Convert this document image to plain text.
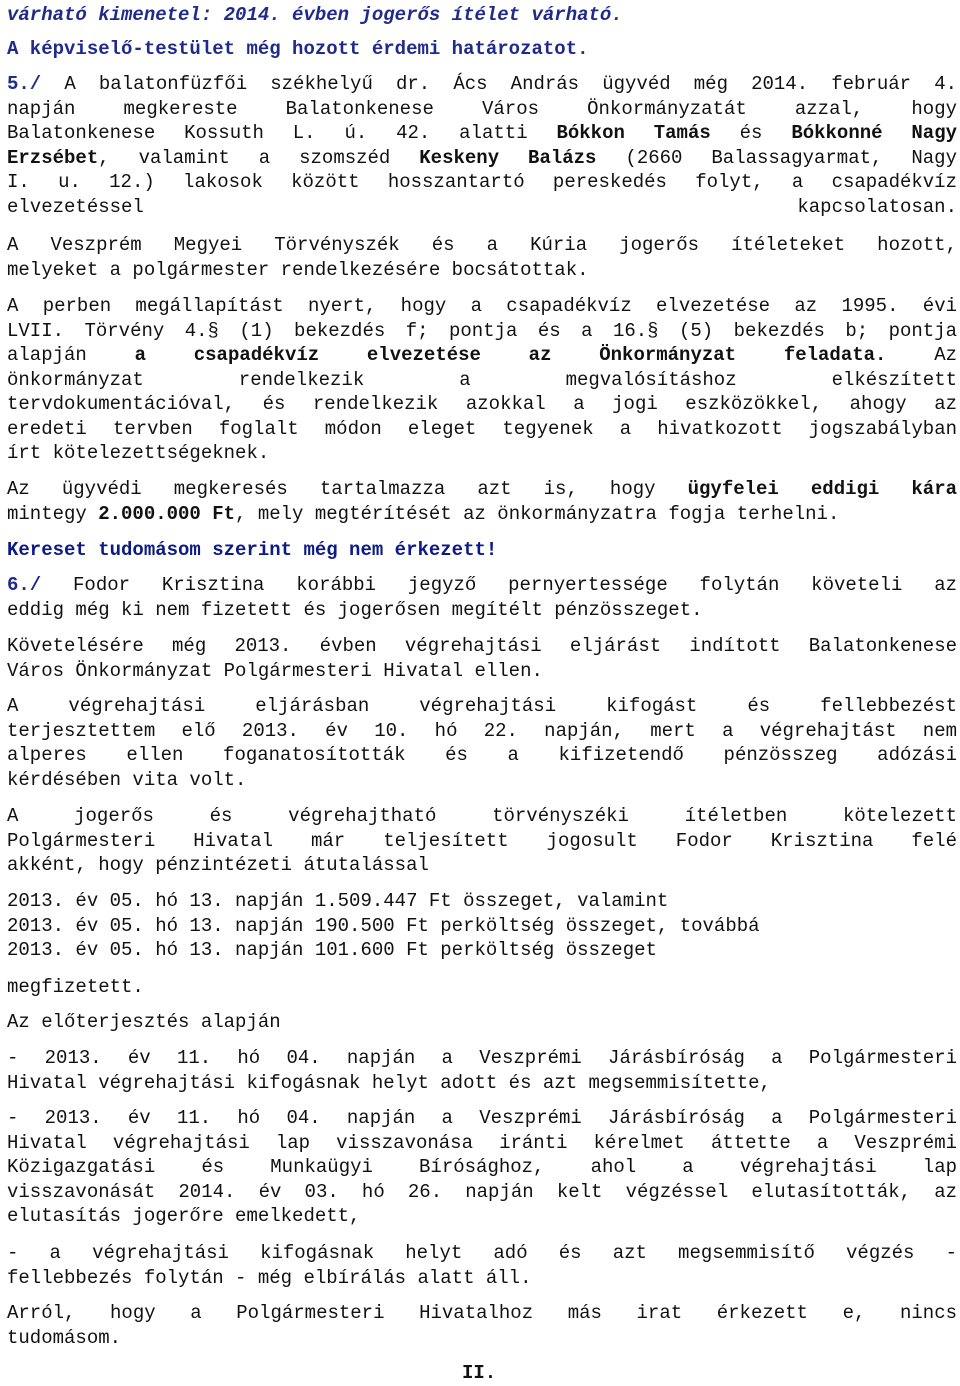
várható kimenetel: 2014. évben jogerős ítélet várható.

A képviselő-testület még hozott érdemi határozatot.

5./ A balatonfüzfői székhelyű dr. Ács András ügyvéd még 2014. február 4.
napján megkereste Balatonkenese Város Önkormányzatát azzal, hogy
Balatonkenese Kossuth L. ú. 42. alatti Bókkon Tamás és Bókkonné Nagy
Erzsébet, valamint a szomszéd Keskeny Balázs (2660 Balassagyarmat, Nagy
I. u. 12.) lakosok között hosszantartó pereskedés folyt, a csapadékvíz
elvezetéssel kapcsolatosan.
A Veszprém Megyei Törvényszék és a Kúria jogerős ítéleteket hozott,
melyeket a polgármester rendelkezésére bocsátottak.
A perben megállapítást nyert, hogy a csapadékvíz elvezetése az 1995. évi
LVII. Törvény 4.§ (1) bekezdés f; pontja és a 16.§ (5) bekezdés b; pontja
alapján a csapadékvíz elvezetése az Önkormányzat feladata. Az
önkormányzat rendelkezik a megvalósításhoz elkészített
tervdokumentációval, és rendelkezik azokkal a jogi eszközökkel, ahogy az
eredeti tervben foglalt módon eleget tegyenek a hivatkozott jogszabályban
írt kötelezettségeknek.
Az ügyvédi megkeresés tartalmazza azt is, hogy ügyfelei eddigi kára
mintegy 2.000.000 Ft, mely megtérítését az önkormányzatra fogja terhelni.

Kereset tudomásom szerint még nem érkezett!

6./ Fodor Krisztina korábbi jegyző pernyertessége folytán követeli az
eddig még ki nem fizetett és jogerősen megítélt pénzösszeget.
Követelésére még 2013. évben végrehajtási eljárást indított Balatonkenese
Város Önkormányzat Polgármesteri Hivatal ellen.
A végrehajtási eljárásban végrehajtási kifogást és fellebbezést
terjesztettem elő 2013. év 10. hó 22. napján, mert a végrehajtást nem
alperes ellen foganatosították és a kifizetendő pénzösszeg adózási
kérdésében vita volt.
A jogerős és végrehajtható törvényszéki ítéletben kötelezett
Polgármesteri Hivatal már teljesített jogosult Fodor Krisztina felé
akként, hogy pénzintézeti átutalással
2013. év 05. hó 13. napján 1.509.447 Ft összeget, valamint
2013. év 05. hó 13. napján 190.500 Ft perköltség összeget, továbbá
2013. év 05. hó 13. napján 101.600 Ft perköltség összeget

megfizetett.

Az előterjesztés alapján

- 2013. év 11. hó 04. napján a Veszprémi Járásbíróság a Polgármesteri
Hivatal végrehajtási kifogásnak helyt adott és azt megsemmisítette,
- 2013. év 11. hó 04. napján a Veszprémi Járásbíróság a Polgármesteri
Hivatal végrehajtási lap visszavonása iránti kérelmet áttette a Veszprémi
Közigazgatási és Munkaügyi Bírósághoz, ahol a végrehajtási lap
visszavonását 2014. év 03. hó 26. napján kelt végzéssel elutasították, az
elutasítás jogerőre emelkedett,
- a végrehajtási kifogásnak helyt adó és azt megsemmisítő végzés -
fellebbezés folytán - még elbírálás alatt áll.
Arról, hogy a Polgármesteri Hivatalhoz más irat érkezett e, nincs
tudomásom.

II.
